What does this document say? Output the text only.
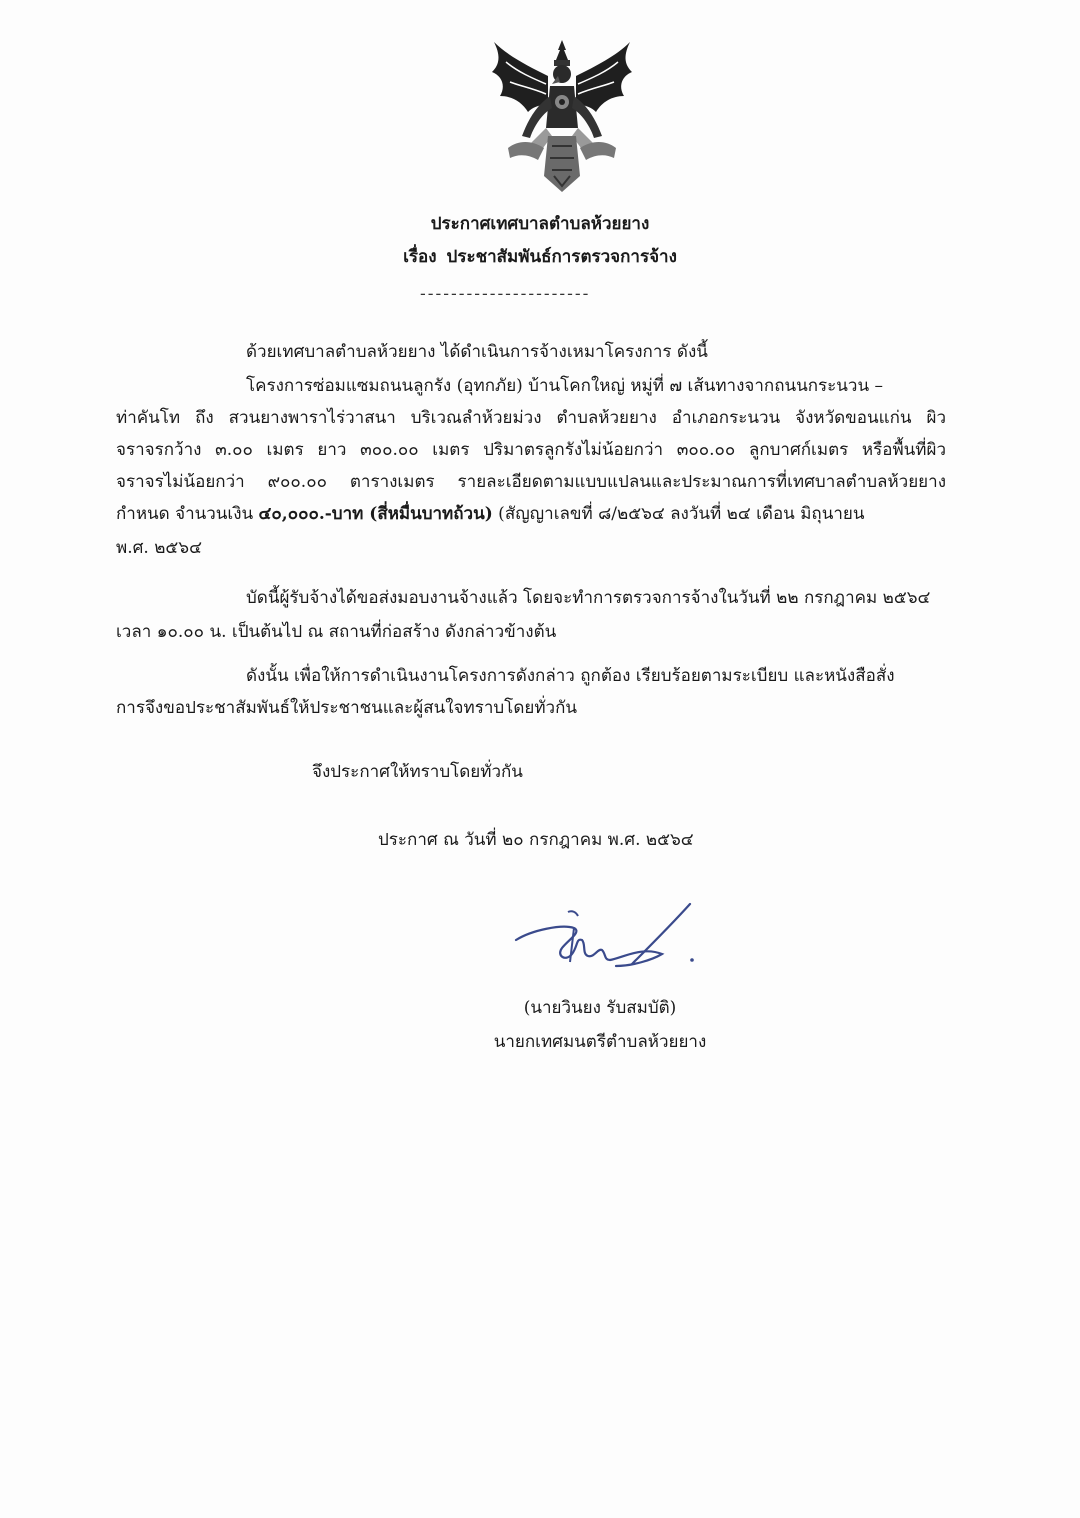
ประกาศเทศบาลตำบลห้วยยาง
เรื่อง ประชาสัมพันธ์การตรวจการจ้าง
----------------------
ด้วยเทศบาลตำบลห้วยยาง ได้ดำเนินการจ้างเหมาโครงการ ดังนี้
โครงการซ่อมแซมถนนลูกรัง (อุทกภัย) บ้านโคกใหญ่ หมู่ที่ ๗ เส้นทางจากถนนกระนวน –
ท่าคันโท ถึง สวนยางพาราไร่วาสนา บริเวณลำห้วยม่วง ตำบลห้วยยาง อำเภอกระนวน จังหวัดขอนแก่น ผิว
จราจรกว้าง ๓.๐๐ เมตร ยาว ๓๐๐.๐๐ เมตร ปริมาตรลูกรังไม่น้อยกว่า ๓๐๐.๐๐ ลูกบาศก์เมตร หรือพื้นที่ผิว
จราจรไม่น้อยกว่า ๙๐๐.๐๐ ตารางเมตร รายละเอียดตามแบบแปลนและประมาณการที่เทศบาลตำบลห้วยยาง
กำหนด จำนวนเงิน ๔๐,๐๐๐.-บาท (สี่หมื่นบาทถ้วน) (สัญญาเลขที่ ๘/๒๕๖๔ ลงวันที่ ๒๔ เดือน มิถุนายน
พ.ศ. ๒๕๖๔
บัดนี้ผู้รับจ้างได้ขอส่งมอบงานจ้างแล้ว โดยจะทำการตรวจการจ้างในวันที่ ๒๒ กรกฎาคม ๒๕๖๔
เวลา ๑๐.๐๐ น. เป็นต้นไป ณ สถานที่ก่อสร้าง ดังกล่าวข้างต้น
ดังนั้น เพื่อให้การดำเนินงานโครงการดังกล่าว ถูกต้อง เรียบร้อยตามระเบียบ และหนังสือสั่ง
การจึงขอประชาสัมพันธ์ให้ประชาชนและผู้สนใจทราบโดยทั่วกัน
จึงประกาศให้ทราบโดยทั่วกัน
ประกาศ ณ วันที่ ๒๐ กรกฎาคม พ.ศ. ๒๕๖๔
(นายวินยง รับสมบัติ)
นายกเทศมนตรีตำบลห้วยยาง
